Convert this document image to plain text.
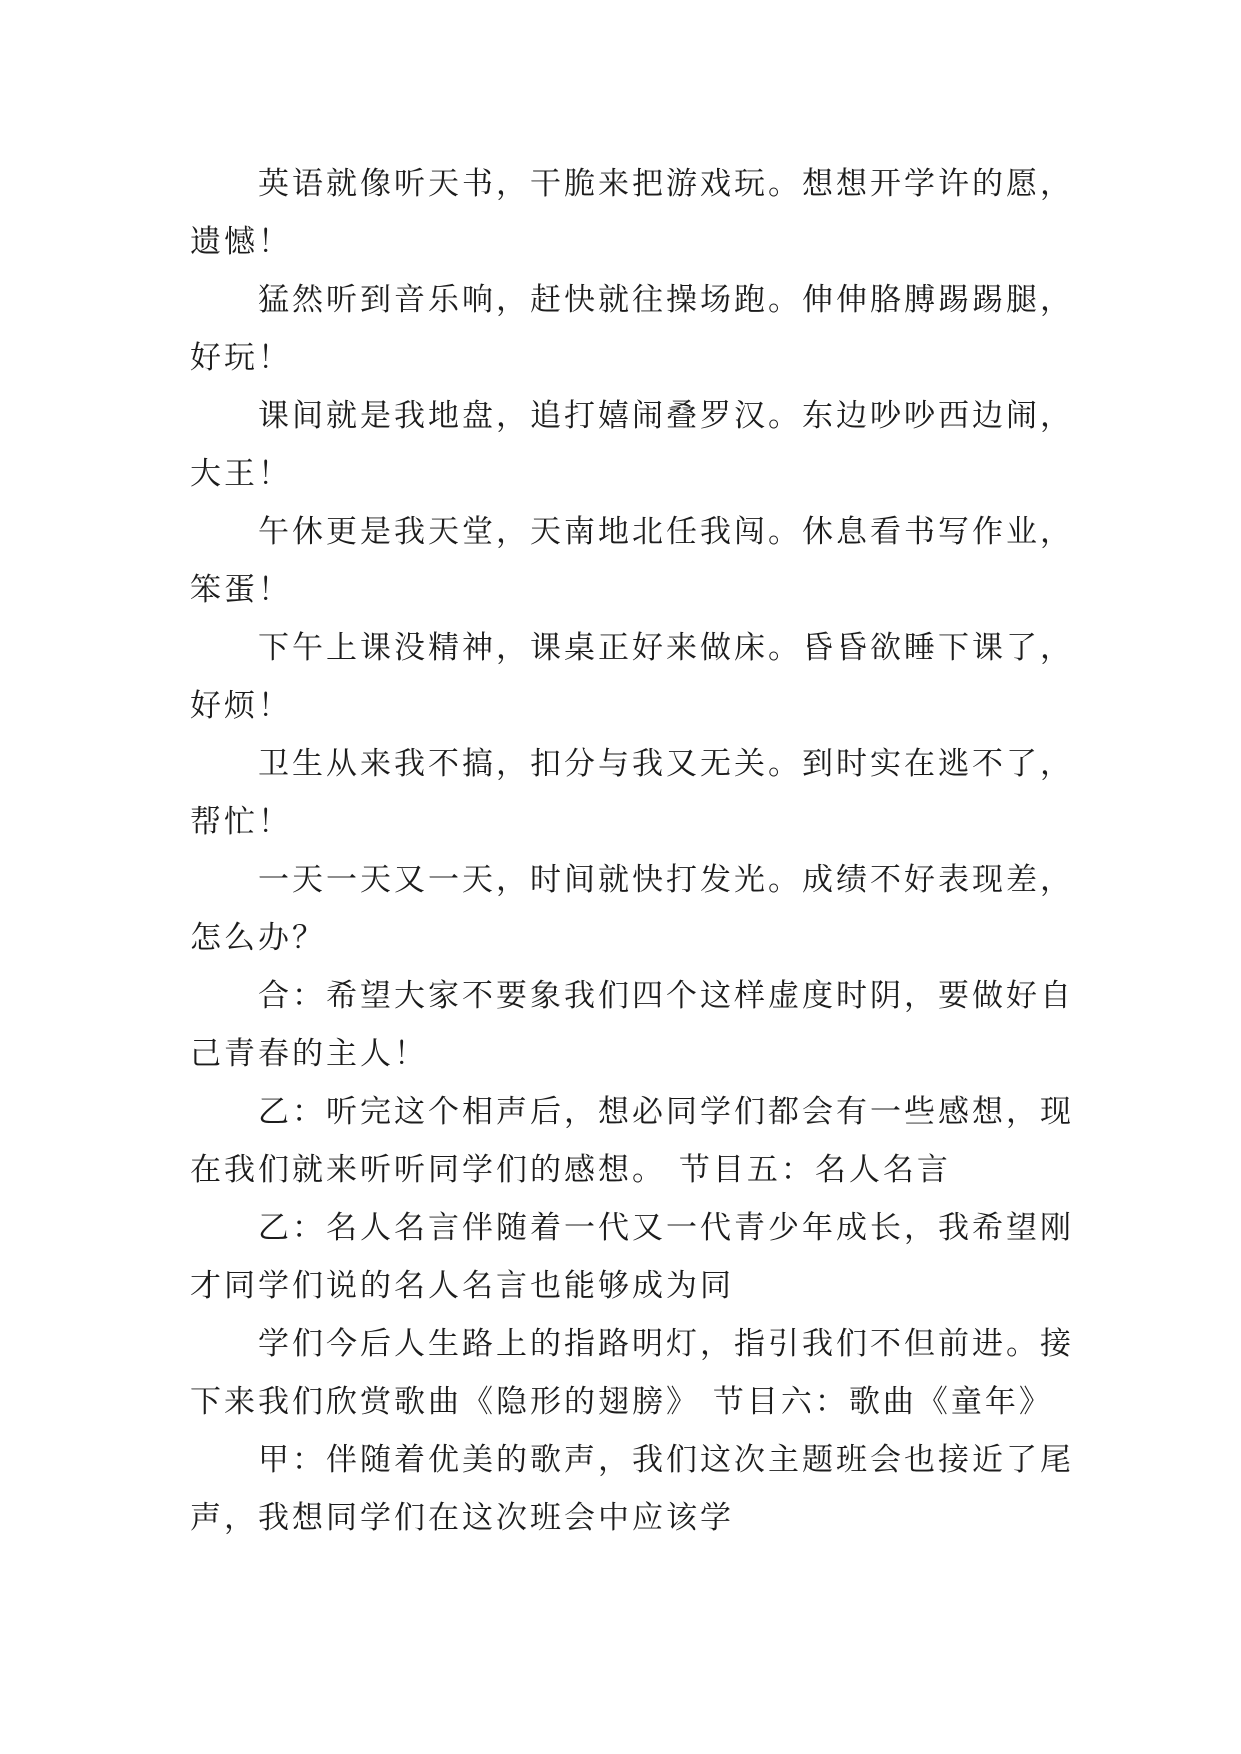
英语就像听天书，干脆来把游戏玩。想想开学许的愿，
遗憾！
猛然听到音乐响，赶快就往操场跑。伸伸胳膊踢踢腿，
好玩！
课间就是我地盘，追打嬉闹叠罗汉。东边吵吵西边闹，
大王！
午休更是我天堂，天南地北任我闯。休息看书写作业，
笨蛋！
下午上课没精神，课桌正好来做床。昏昏欲睡下课了，
好烦！
卫生从来我不搞，扣分与我又无关。到时实在逃不了，
帮忙！
一天一天又一天，时间就快打发光。成绩不好表现差，
怎么办？
合：希望大家不要象我们四个这样虚度时阴，要做好自
己青春的主人！
乙：听完这个相声后，想必同学们都会有一些感想，现
在我们就来听听同学们的感想。 节目五：名人名言
乙：名人名言伴随着一代又一代青少年成长，我希望刚
才同学们说的名人名言也能够成为同
学们今后人生路上的指路明灯，指引我们不但前进。接
下来我们欣赏歌曲《隐形的翅膀》 节目六：歌曲《童年》
甲：伴随着优美的歌声，我们这次主题班会也接近了尾
声，我想同学们在这次班会中应该学
